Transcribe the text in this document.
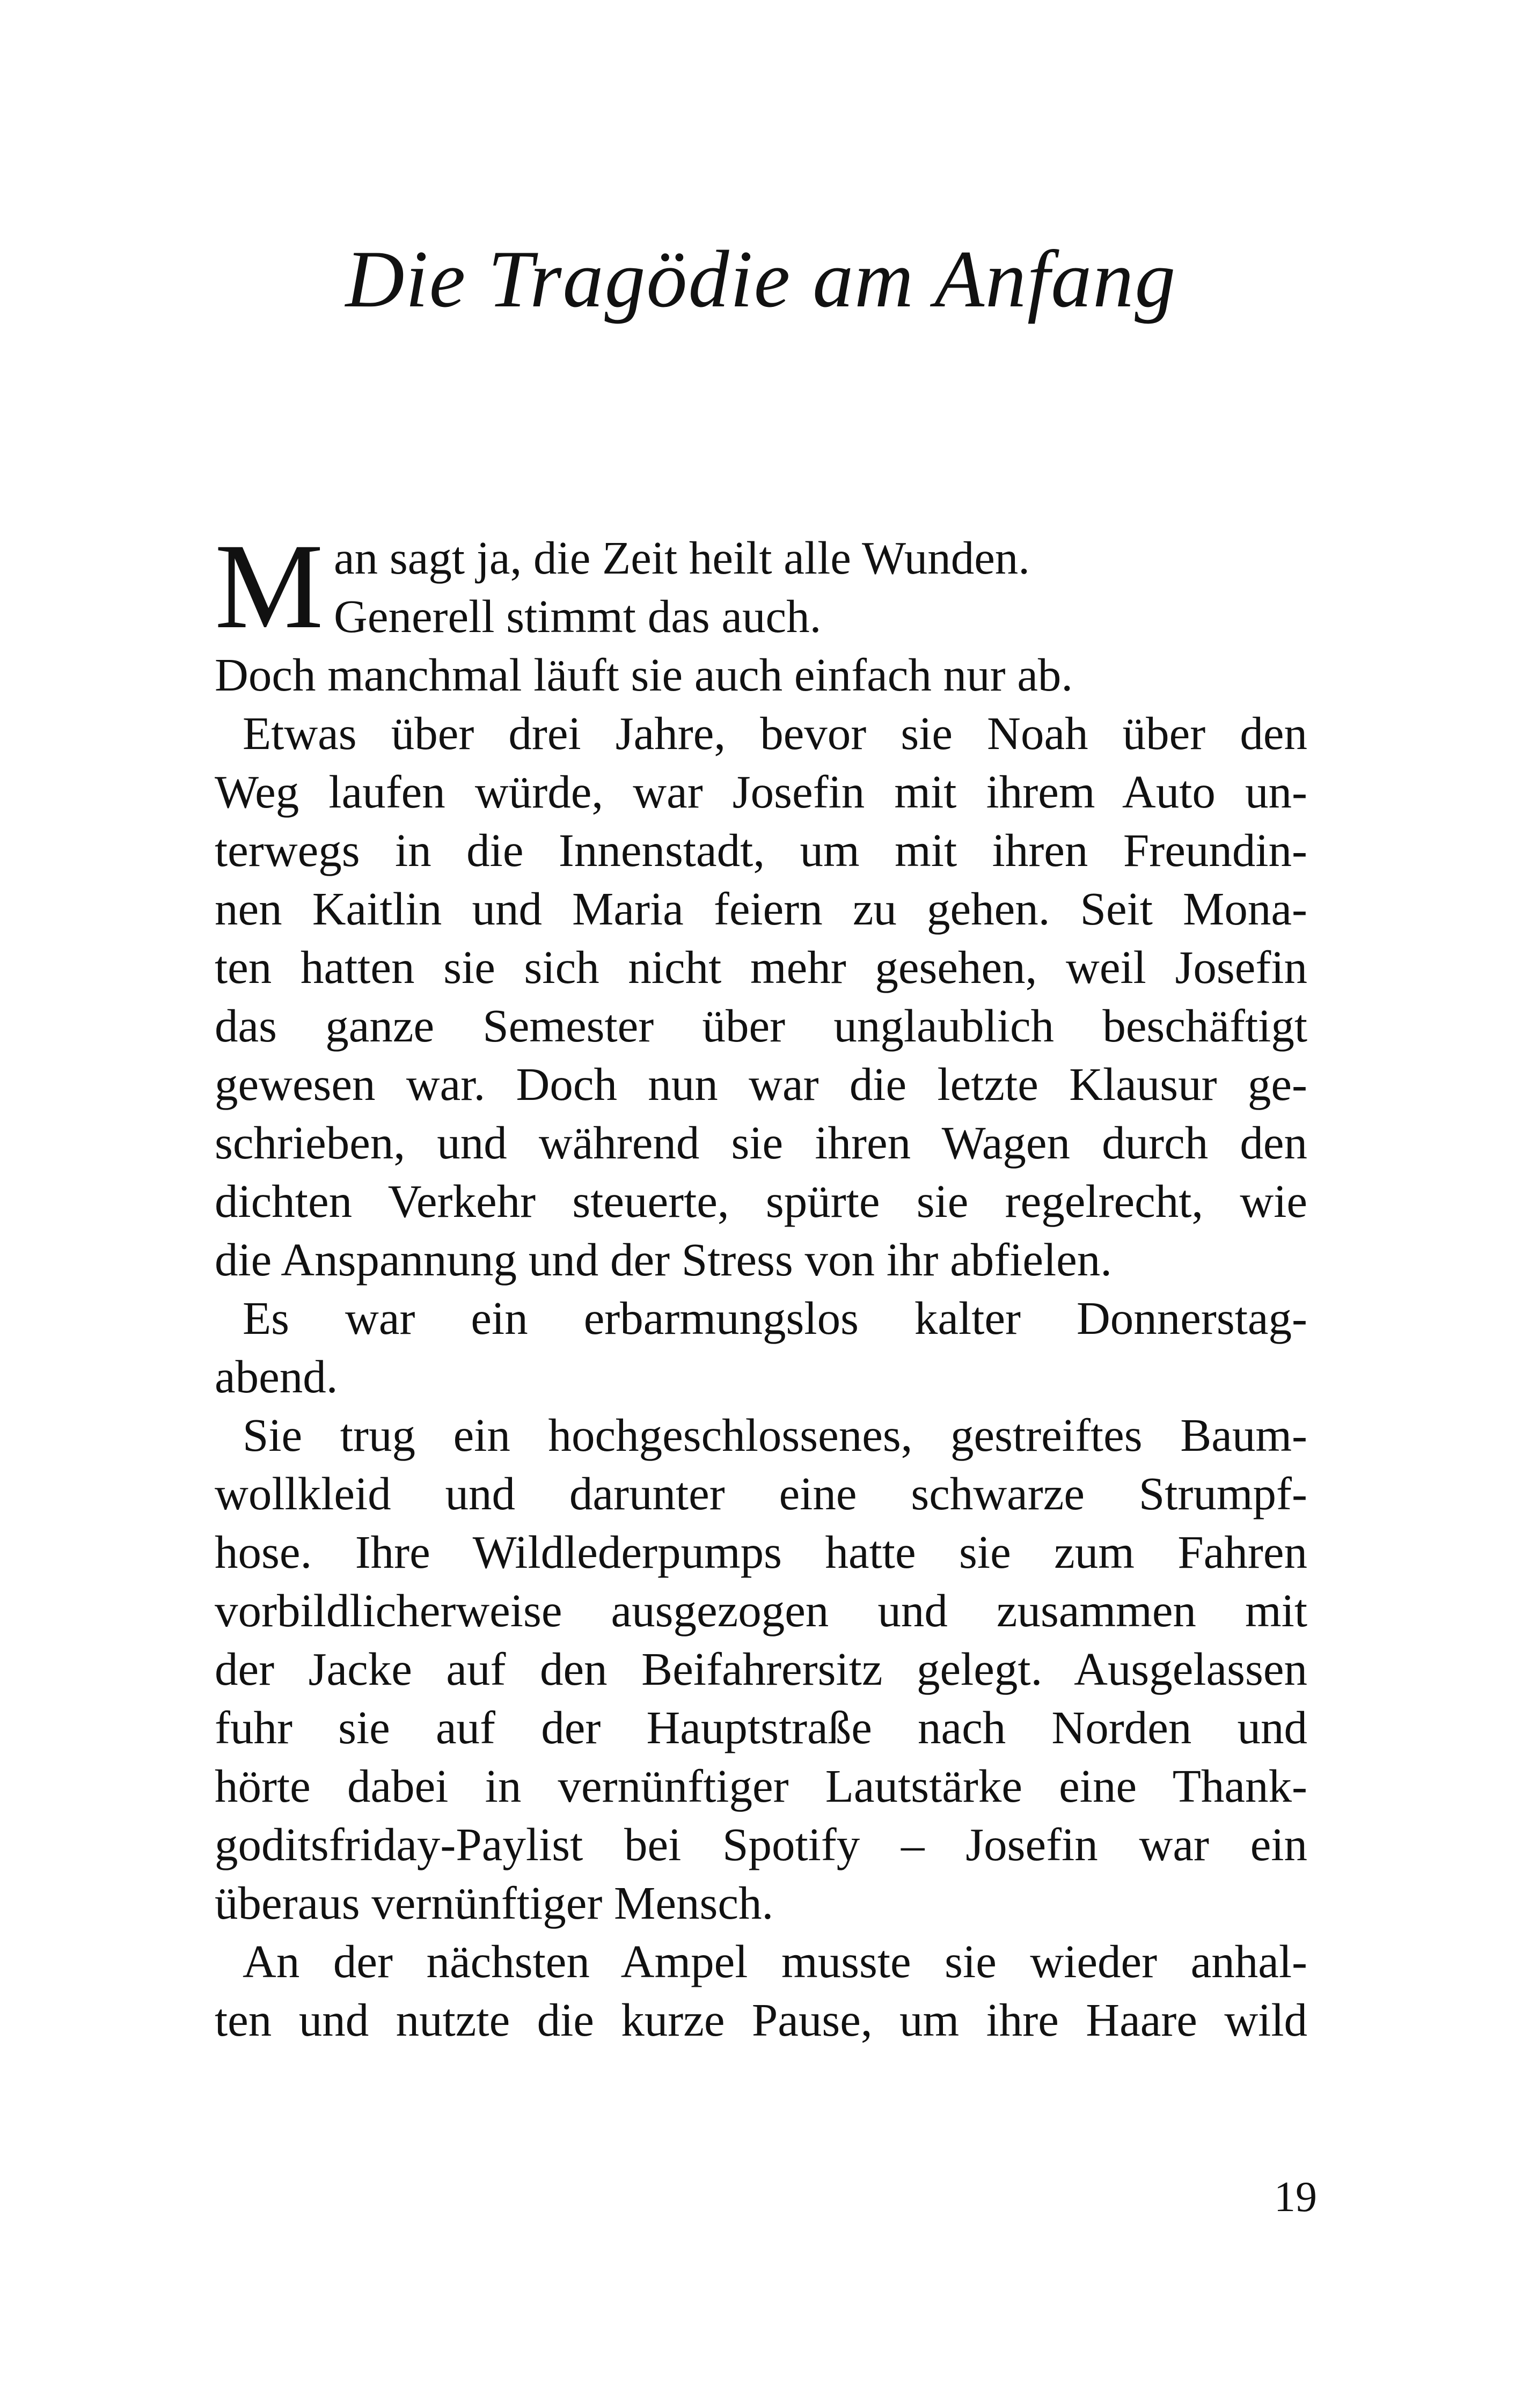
Die Tragödie am Anfang
M an sagt ja, die Zeit heilt alle Wunden.
Generell stimmt das auch.
Doch manchmal läuft sie auch einfach nur ab.
Etwas über drei Jahre, bevor sie Noah über den
Weg laufen würde, war Josefin mit ihrem Auto un-
terwegs in die Innenstadt, um mit ihren Freundin-
nen Kaitlin und Maria feiern zu gehen. Seit Mona-
ten hatten sie sich nicht mehr gesehen, weil Josefin
das ganze Semester über unglaublich beschäftigt
gewesen war. Doch nun war die letzte Klausur ge-
schrieben, und während sie ihren Wagen durch den
dichten Verkehr steuerte, spürte sie regelrecht, wie
die Anspannung und der Stress von ihr abfielen.
Es war ein erbarmungslos kalter Donnerstag-
abend.
Sie trug ein hochgeschlossenes, gestreiftes Baum-
wollkleid und darunter eine schwarze Strumpf-
hose. Ihre Wildlederpumps hatte sie zum Fahren
vorbildlicherweise ausgezogen und zusammen mit
der Jacke auf den Beifahrersitz gelegt. Ausgelassen
fuhr sie auf der Hauptstraße nach Norden und
hörte dabei in vernünftiger Lautstärke eine Thank-
goditsfriday-Paylist bei Spotify – Josefin war ein
überaus vernünftiger Mensch.
An der nächsten Ampel musste sie wieder anhal-
ten und nutzte die kurze Pause, um ihre Haare wild
19
